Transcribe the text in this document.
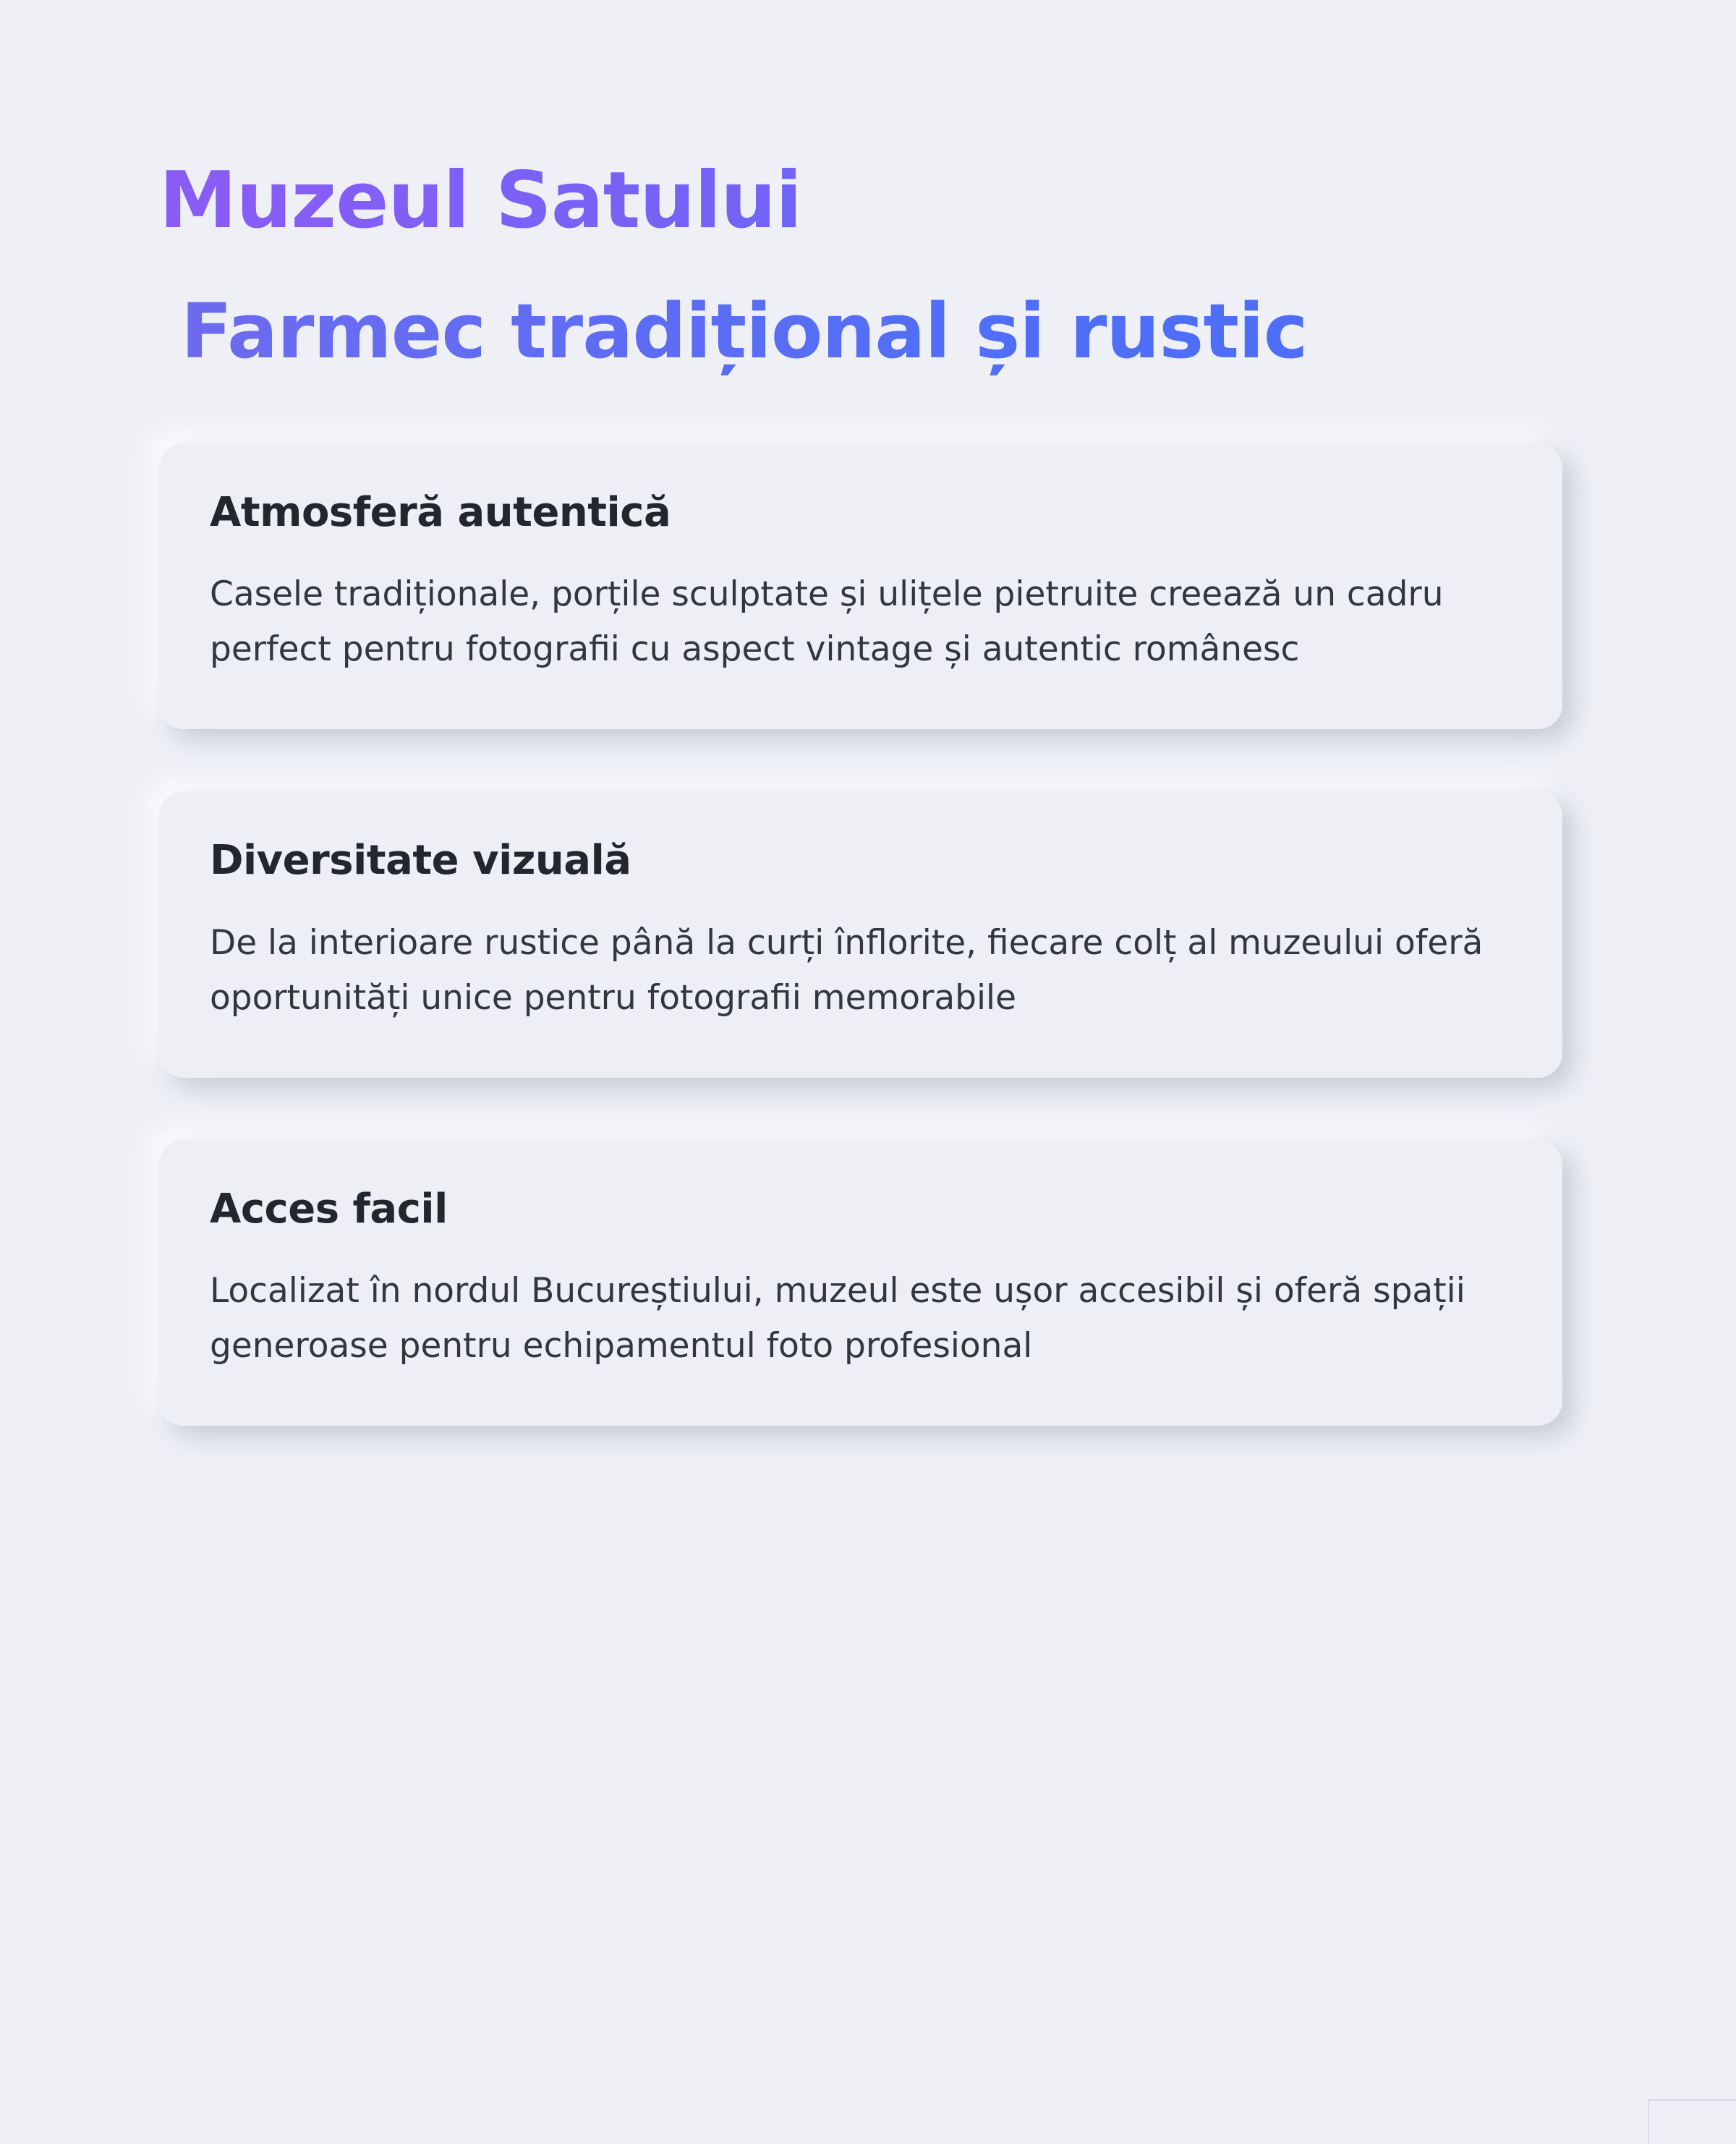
Muzeul Satului
Farmec tradițional și rustic
Atmosferă autentică

Casele tradiționale, porțile sculptate și ulițele pietruite creează un cadru perfect pentru fotografii cu aspect vintage și autentic românesc

Diversitate vizuală

De la interioare rustice până la curți înflorite, fiecare colț al muzeului oferă oportunități unice pentru fotografii memorabile

Acces facil

Localizat în nordul Bucureștiului, muzeul este ușor accesibil și oferă spații generoase pentru echipamentul foto profesional
